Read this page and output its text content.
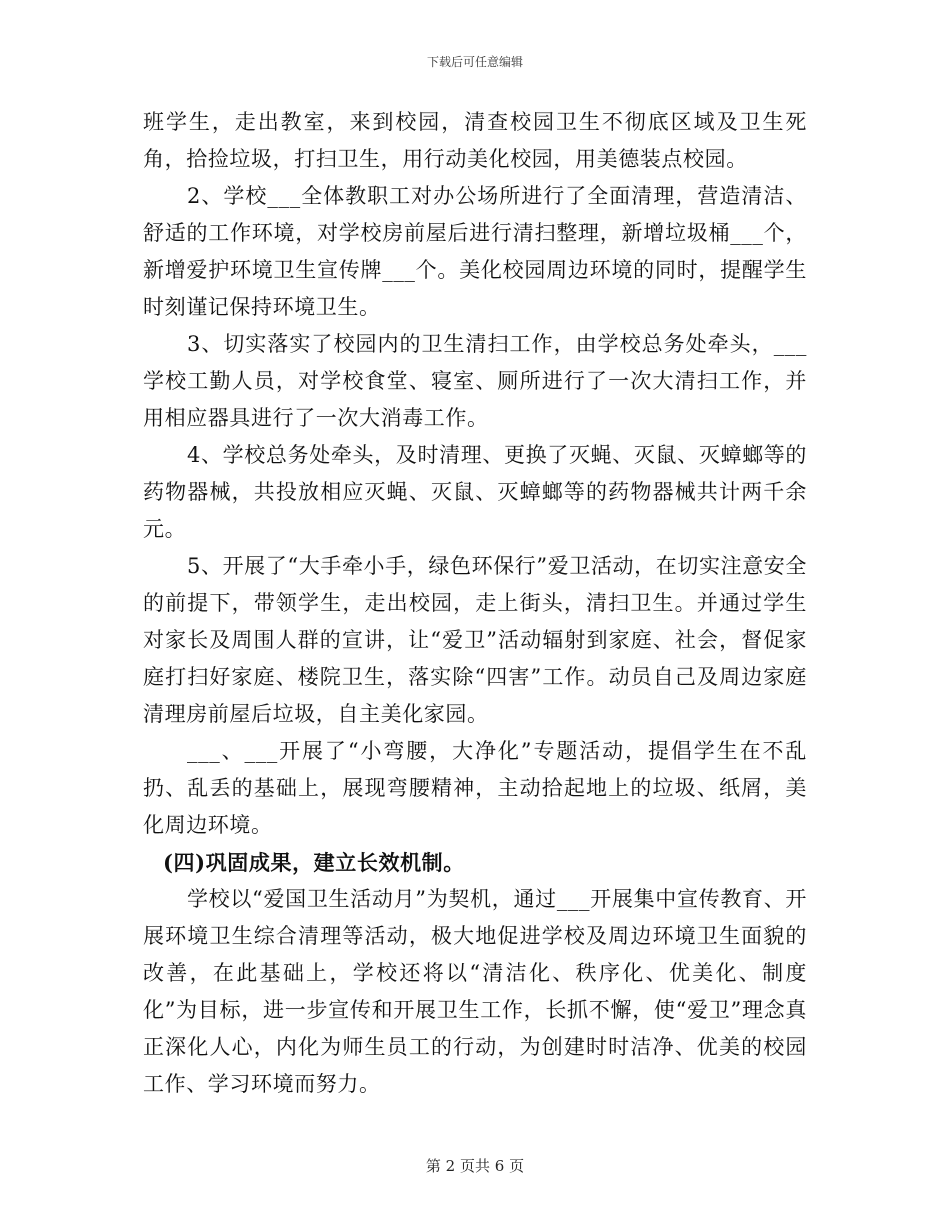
下载后可任意编辑

班学生，走出教室，来到校园，清查校园卫生不彻底区域及卫生死角，拾捡垃圾，打扫卫生，用行动美化校园，用美德装点校园。

2、学校___全体教职工对办公场所进行了全面清理，营造清洁、舒适的工作环境，对学校房前屋后进行清扫整理，新增垃圾桶___个，新增爱护环境卫生宣传牌___个。美化校园周边环境的同时，提醒学生时刻谨记保持环境卫生。

3、切实落实了校园内的卫生清扫工作，由学校总务处牵头，___学校工勤人员，对学校食堂、寝室、厕所进行了一次大清扫工作，并用相应器具进行了一次大消毒工作。

4、学校总务处牵头，及时清理、更换了灭蝇、灭鼠、灭蟑螂等的药物器械，共投放相应灭蝇、灭鼠、灭蟑螂等的药物器械共计两千余元。

5、开展了“大手牵小手，绿色环保行”爱卫活动，在切实注意安全的前提下，带领学生，走出校园，走上街头，清扫卫生。并通过学生对家长及周围人群的宣讲，让“爱卫”活动辐射到家庭、社会，督促家庭打扫好家庭、楼院卫生，落实除“四害”工作。动员自己及周边家庭清理房前屋后垃圾，自主美化家园。

___、___开展了“小弯腰，大净化”专题活动，提倡学生在不乱扔、乱丢的基础上，展现弯腰精神，主动拾起地上的垃圾、纸屑，美化周边环境。

(四)巩固成果，建立长效机制。

学校以“爱国卫生活动月”为契机，通过___开展集中宣传教育、开展环境卫生综合清理等活动，极大地促进学校及周边环境卫生面貌的改善，在此基础上，学校还将以“清洁化、秩序化、优美化、制度化”为目标，进一步宣传和开展卫生工作，长抓不懈，使“爱卫”理念真正深化人心，内化为师生员工的行动，为创建时时洁净、优美的校园工作、学习环境而努力。

第 2 页共 6 页
